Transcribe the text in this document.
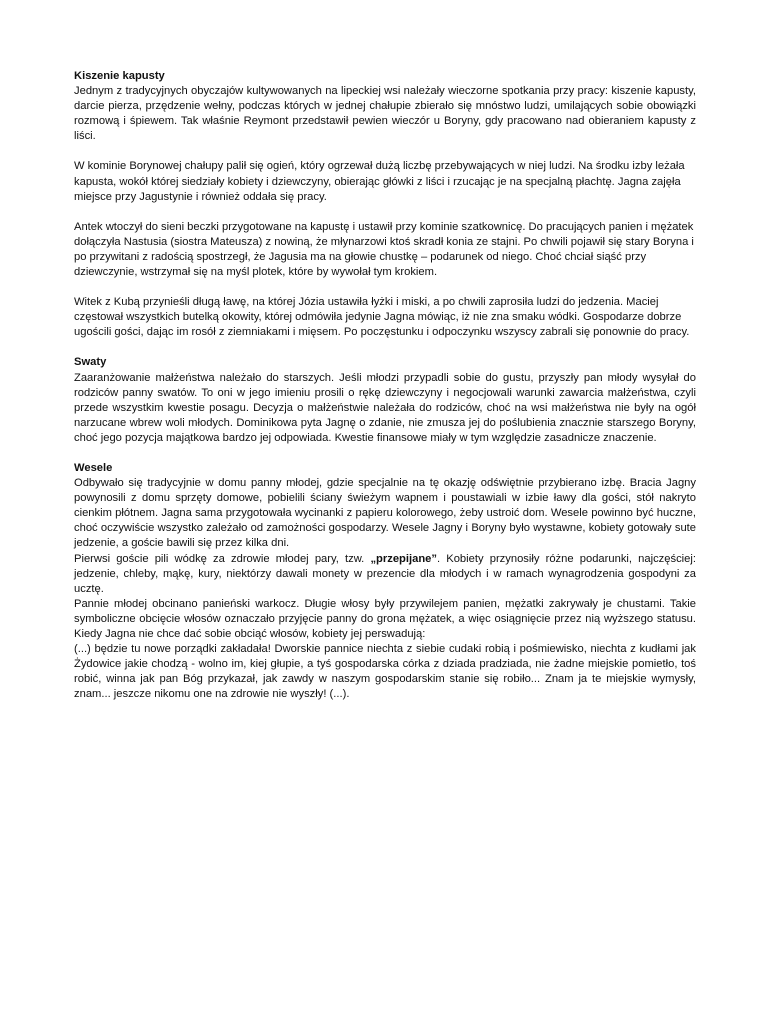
Kiszenie kapusty

Jednym z tradycyjnych obyczajów kultywowanych na lipeckiej wsi należały wieczorne spotkania przy pracy: kiszenie kapusty, darcie pierza, przędzenie wełny, podczas których w jednej chałupie zbierało się mnóstwo ludzi, umilających sobie obowiązki rozmową i śpiewem. Tak właśnie Reymont przedstawił pewien wieczór u Boryny, gdy pracowano nad obieraniem kapusty z liści.

W kominie Borynowej chałupy palił się ogień, który ogrzewał dużą liczbę przebywających w niej ludzi. Na środku izby leżała kapusta, wokół której siedziały kobiety i dziewczyny, obierając główki z liści i rzucając je na specjalną płachtę. Jagna zajęła miejsce przy Jagustynie i również oddała się pracy.

Antek wtoczył do sieni beczki przygotowane na kapustę i ustawił przy kominie szatkownicę. Do pracujących panien i mężatek dołączyła Nastusia (siostra Mateusza) z nowiną, że młynarzowi ktoś skradł konia ze stajni. Po chwili pojawił się stary Boryna i po przywitani z radością spostrzegł, że Jagusia ma na głowie chustkę – podarunek od niego. Choć chciał siąść przy dziewczynie, wstrzymał się na myśl plotek, które by wywołał tym krokiem.

Witek z Kubą przynieśli długą ławę, na której Józia ustawiła łyżki i miski, a po chwili zaprosiła ludzi do jedzenia. Maciej częstował wszystkich butelką okowity, której odmówiła jedynie Jagna mówiąc, iż nie zna smaku wódki. Gospodarze dobrze ugościli gości, dając im rosół z ziemniakami i mięsem. Po poczęstunku i odpoczynku wszyscy zabrali się ponownie do pracy.

Swaty

Zaaranżowanie małżeństwa należało do starszych. Jeśli młodzi przypadli sobie do gustu, przyszły pan młody wysyłał do rodziców panny swatów. To oni w jego imieniu prosili o rękę dziewczyny i negocjowali warunki zawarcia małżeństwa, czyli przede wszystkim kwestie posagu. Decyzja o małżeństwie należała do rodziców, choć na wsi małżeństwa nie były na ogół narzucane wbrew woli młodych. Dominikowa pyta Jagnę o zdanie, nie zmusza jej do poślubienia znacznie starszego Boryny, choć jego pozycja majątkowa bardzo jej odpowiada. Kwestie finansowe miały w tym względzie zasadnicze znaczenie.

Wesele

Odbywało się tradycyjnie w domu panny młodej, gdzie specjalnie na tę okazję odświętnie przybierano izbę. Bracia Jagny powynosili z domu sprzęty domowe, pobielili ściany świeżym wapnem i poustawiali w izbie ławy dla gości, stół nakryto cienkim płótnem. Jagna sama przygotowała wycinanki z papieru kolorowego, żeby ustroić dom. Wesele powinno być huczne, choć oczywiście wszystko zależało od zamożności gospodarzy. Wesele Jagny i Boryny było wystawne, kobiety gotowały sute jedzenie, a goście bawili się przez kilka dni.

Pierwsi goście pili wódkę za zdrowie młodej pary, tzw. „przepijane”. Kobiety przynosiły różne podarunki, najczęściej: jedzenie, chleby, mąkę, kury, niektórzy dawali monety w prezencie dla młodych i w ramach wynagrodzenia gospodyni za ucztę.

Pannie młodej obcinano panieński warkocz. Długie włosy były przywilejem panien, mężatki zakrywały je chustami. Takie symboliczne obcięcie włosów oznaczało przyjęcie panny do grona mężatek, a więc osiągnięcie przez nią wyższego statusu. Kiedy Jagna nie chce dać sobie obciąć włosów, kobiety jej perswadują:

(...) będzie tu nowe porządki zakładała! Dworskie pannice niechta z siebie cudaki robią i pośmiewisko, niechta z kudłami jak Żydowice jakie chodzą - wolno im, kiej głupie, a tyś gospodarska córka z dziada pradziada, nie żadne miejskie pomietło, toś robić, winna jak pan Bóg przykazał, jak zawdy w naszym gospodarskim stanie się robiło... Znam ja te miejskie wymysły, znam... jeszcze nikomu one na zdrowie nie wyszły! (...).
